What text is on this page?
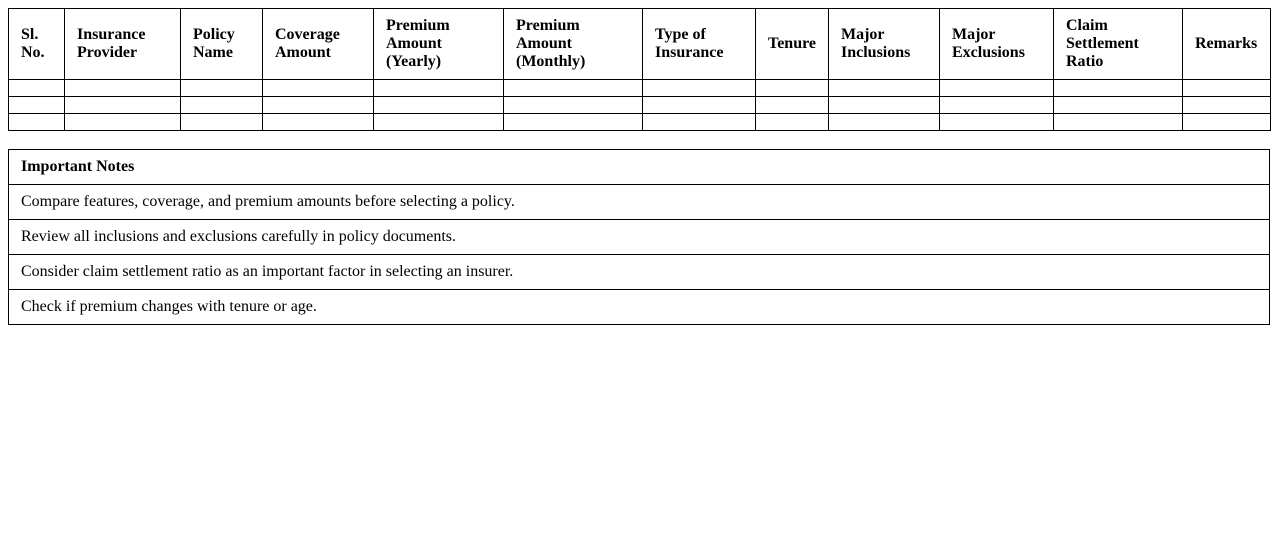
Sl. No.	Insurance Provider	Policy Name	Coverage Amount	Premium Amount (Yearly)	Premium Amount (Monthly)	Type of Insurance	Tenure	Major Inclusions	Major Exclusions	Claim Settlement Ratio	Remarks

Important Notes
Compare features, coverage, and premium amounts before selecting a policy.
Review all inclusions and exclusions carefully in policy documents.
Consider claim settlement ratio as an important factor in selecting an insurer.
Check if premium changes with tenure or age.
